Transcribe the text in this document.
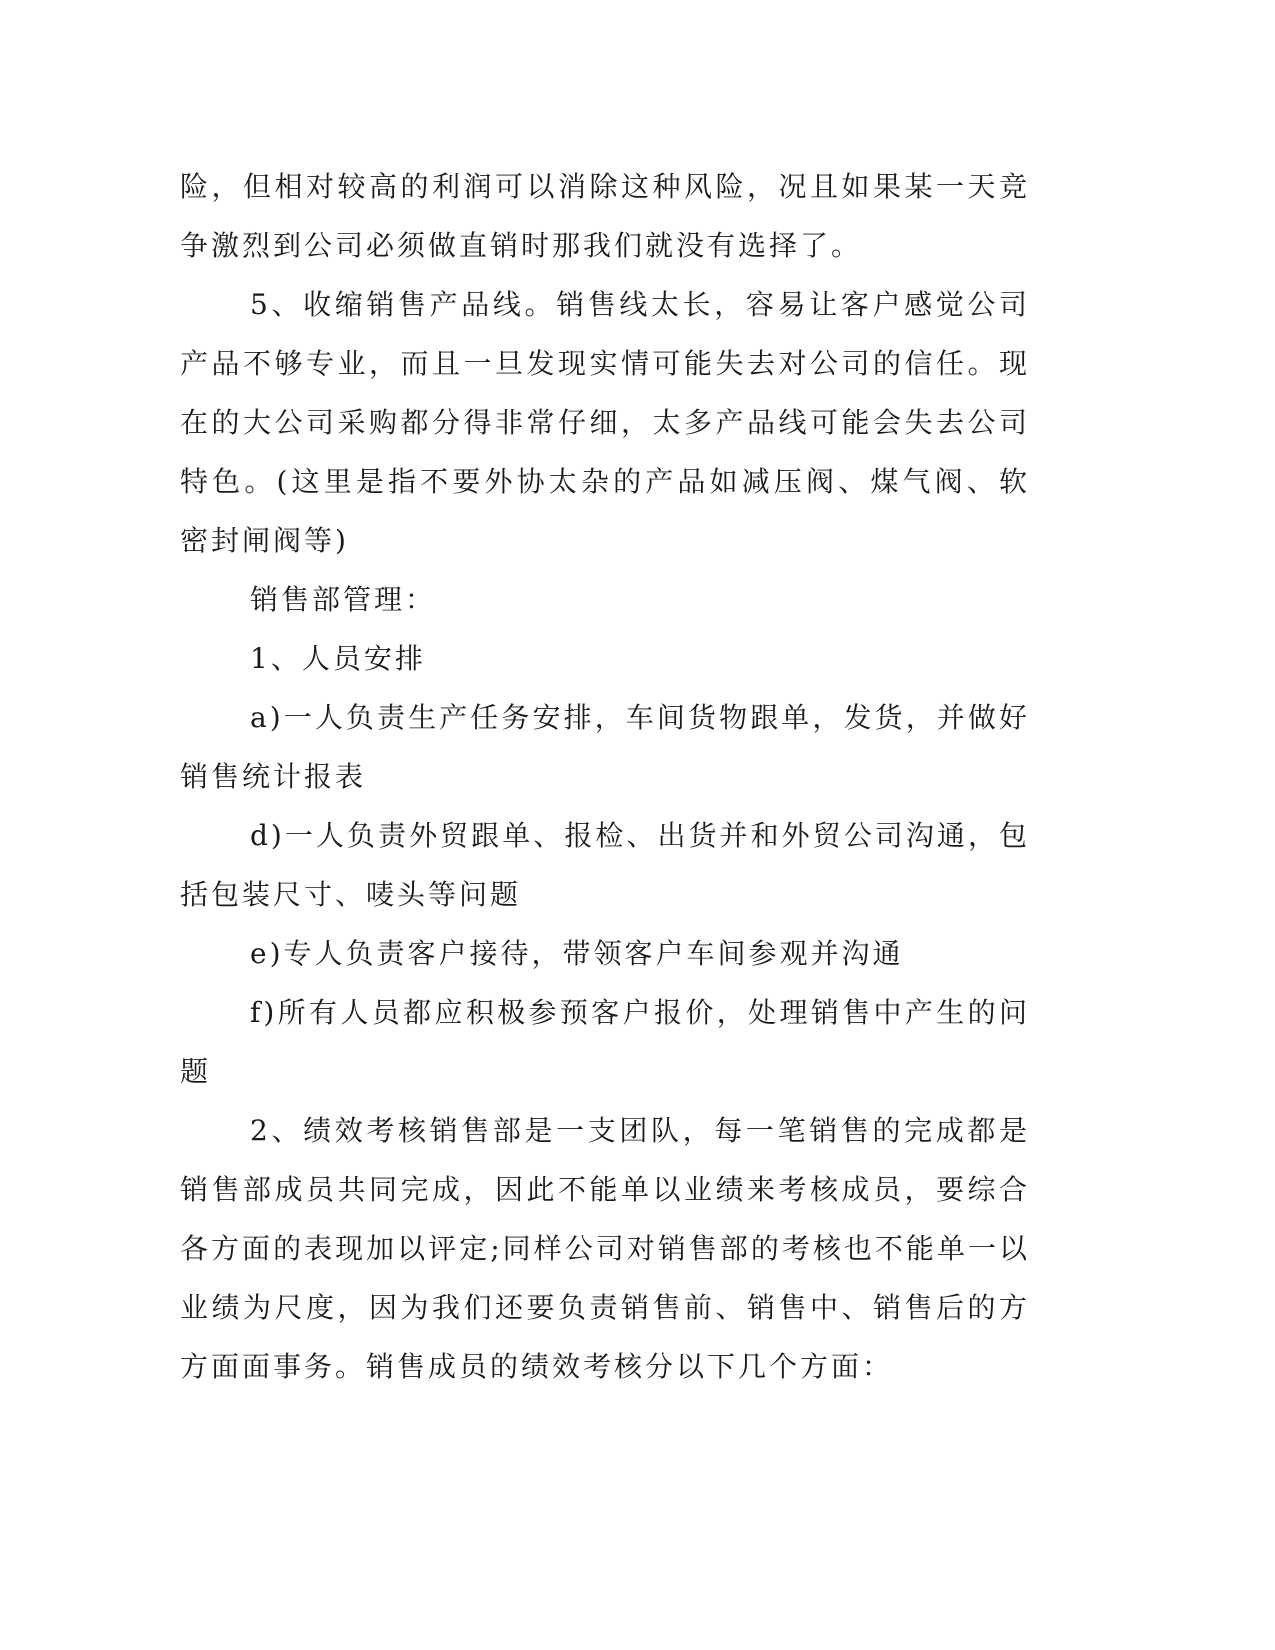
险，但相对较高的利润可以消除这种风险，况且如果某一天竞争激烈到公司必须做直销时那我们就没有选择了。

5、收缩销售产品线。销售线太长，容易让客户感觉公司产品不够专业，而且一旦发现实情可能失去对公司的信任。现在的大公司采购都分得非常仔细，太多产品线可能会失去公司特色。(这里是指不要外协太杂的产品如减压阀、煤气阀、软密封闸阀等)

销售部管理：

1、人员安排

a)一人负责生产任务安排，车间货物跟单，发货，并做好销售统计报表

d)一人负责外贸跟单、报检、出货并和外贸公司沟通，包括包装尺寸、唛头等问题

e)专人负责客户接待，带领客户车间参观并沟通

f)所有人员都应积极参预客户报价，处理销售中产生的问题

2、绩效考核销售部是一支团队，每一笔销售的完成都是销售部成员共同完成，因此不能单以业绩来考核成员，要综合各方面的表现加以评定;同样公司对销售部的考核也不能单一以业绩为尺度，因为我们还要负责销售前、销售中、销售后的方方面面事务。销售成员的绩效考核分以下几个方面：
